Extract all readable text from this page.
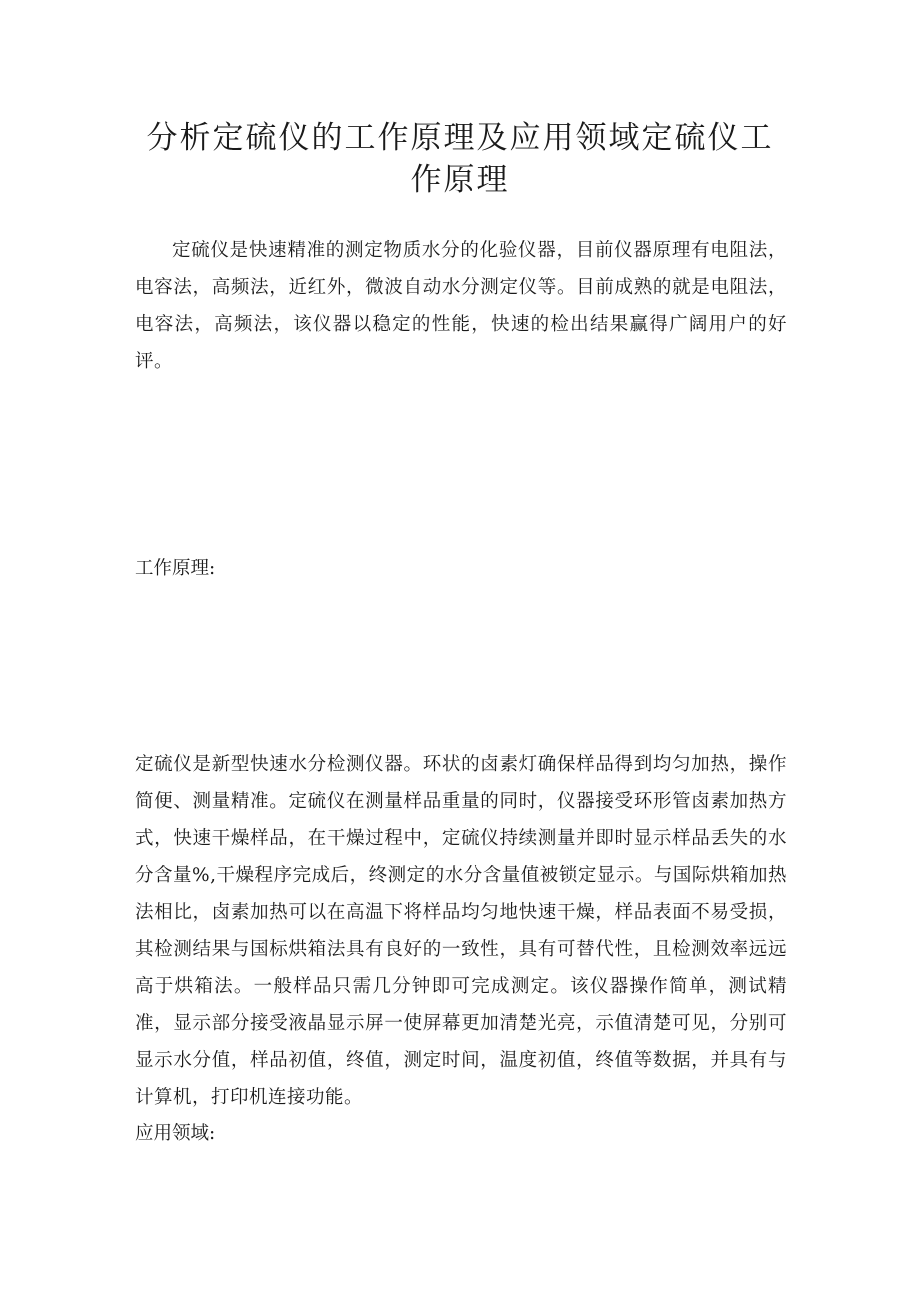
分析定硫仪的工作原理及应用领域定硫仪工作原理

定硫仪是快速精准的测定物质水分的化验仪器，目前仪器原理有电阻法，电容法，高频法，近红外，微波自动水分测定仪等。目前成熟的就是电阻法，电容法，高频法，该仪器以稳定的性能，快速的检出结果赢得广阔用户的好评。

工作原理:

定硫仪是新型快速水分检测仪器。环状的卤素灯确保样品得到均匀加热，操作简便、测量精准。定硫仪在测量样品重量的同时，仪器接受环形管卤素加热方式，快速干燥样品，在干燥过程中，定硫仪持续测量并即时显示样品丢失的水分含量%,干燥程序完成后，终测定的水分含量值被锁定显示。与国际烘箱加热法相比，卤素加热可以在高温下将样品均匀地快速干燥，样品表面不易受损，其检测结果与国标烘箱法具有良好的一致性，具有可替代性，且检测效率远远高于烘箱法。一般样品只需几分钟即可完成测定。该仪器操作简单，测试精准，显示部分接受液晶显示屏一使屏幕更加清楚光亮，示值清楚可见，分别可显示水分值，样品初值，终值，测定时间，温度初值，终值等数据，并具有与计算机，打印机连接功能。

应用领域:
